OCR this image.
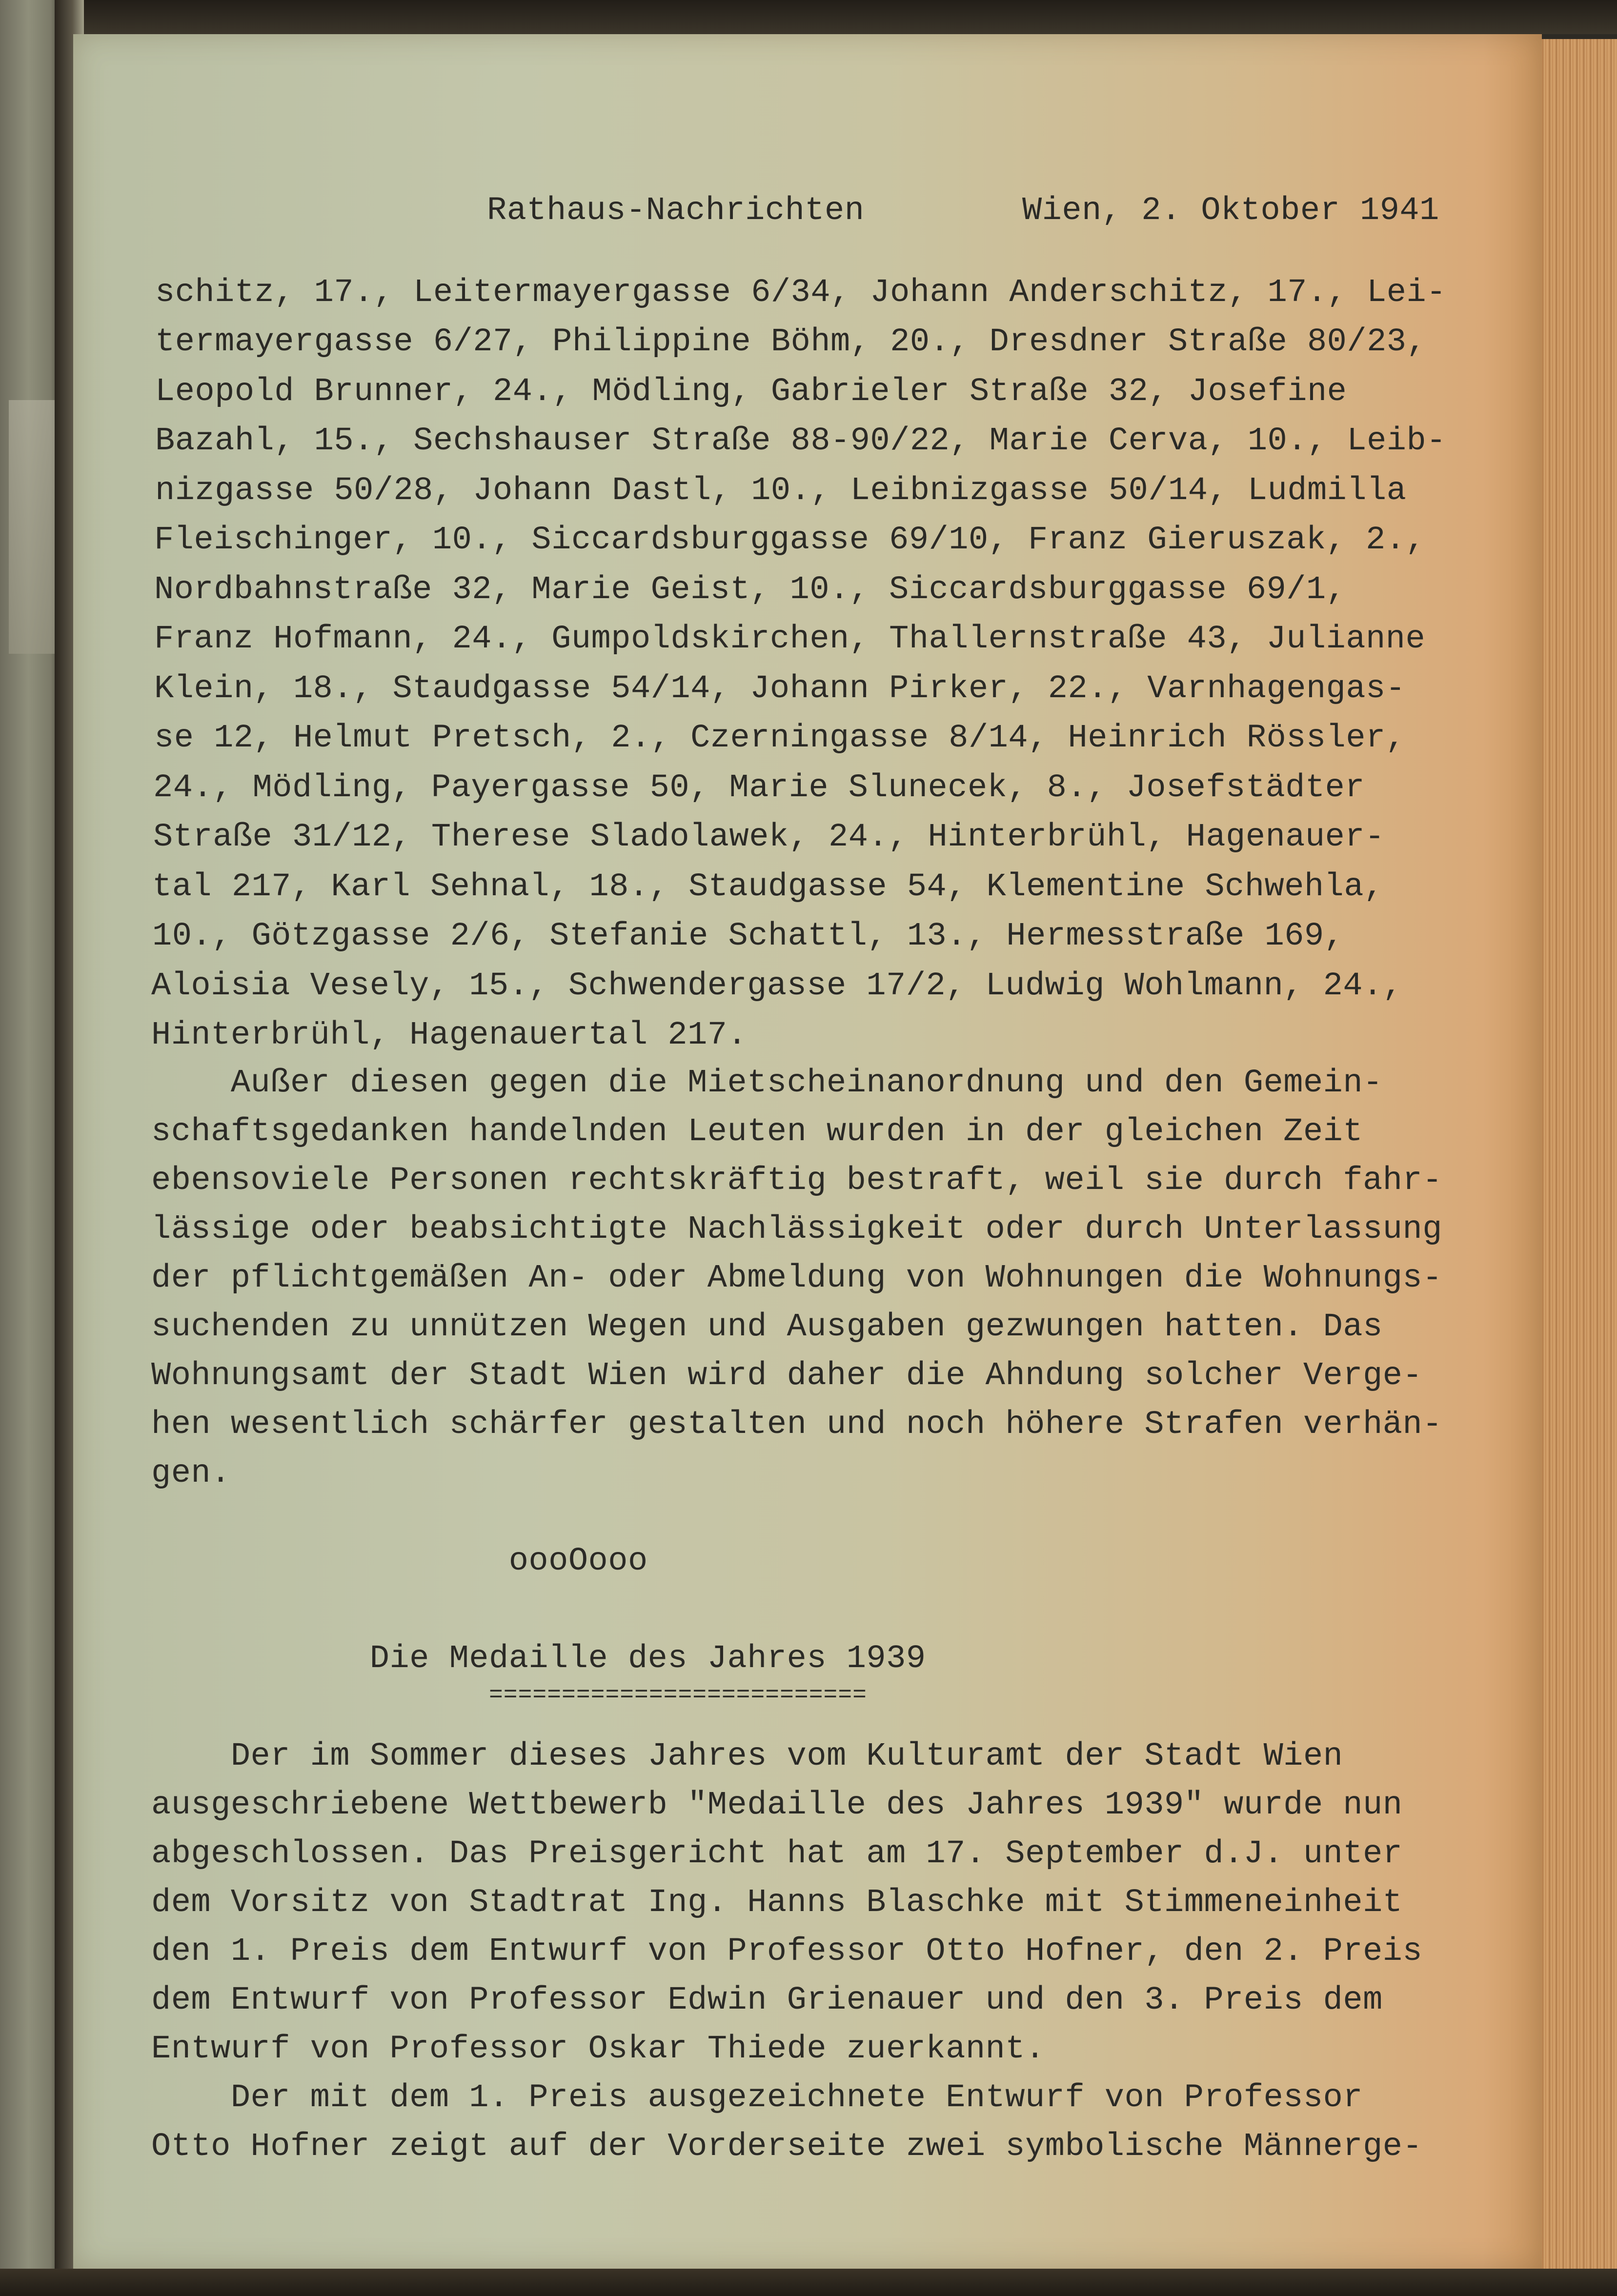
Rathaus-Nachrichten	Wien, 2. Oktober 1941
schitz, 17., Leitermayergasse 6/34, Johann Anderschitz, 17., Lei-
termayergasse 6/27, Philippine Böhm, 20., Dresdner Straße 80/23,
Leopold Brunner, 24., Mödling, Gabrieler Straße 32, Josefine
Bazahl, 15., Sechshauser Straße 88-90/22, Marie Cerva, 10., Leib-
nizgasse 50/28, Johann Dastl, 10., Leibnizgasse 50/14, Ludmilla
Fleischinger, 10., Siccardsburggasse 69/10, Franz Gieruszak, 2.,
Nordbahnstraße 32, Marie Geist, 10., Siccardsburggasse 69/1,
Franz Hofmann, 24., Gumpoldskirchen, Thallernstraße 43, Julianne
Klein, 18., Staudgasse 54/14, Johann Pirker, 22., Varnhagengas-
se 12, Helmut Pretsch, 2., Czerningasse 8/14, Heinrich Rössler,
24., Mödling, Payergasse 50, Marie Slunecek, 8., Josefstädter
Straße 31/12, Therese Sladolawek, 24., Hinterbrühl, Hagenauer-
tal 217, Karl Sehnal, 18., Staudgasse 54, Klementine Schwehla,
10., Götzgasse 2/6, Stefanie Schattl, 13., Hermesstraße 169,
Aloisia Vesely, 15., Schwendergasse 17/2, Ludwig Wohlmann, 24.,
Hinterbrühl, Hagenauertal 217.
Außer diesen gegen die Mietscheinanordnung und den Gemein-
schaftsgedanken handelnden Leuten wurden in der gleichen Zeit
ebensoviele Personen rechtskräftig bestraft, weil sie durch fahr-
lässige oder beabsichtigte Nachlässigkeit oder durch Unterlassung
der pflichtgemäßen An- oder Abmeldung von Wohnungen die Wohnungs-
suchenden zu unnützen Wegen und Ausgaben gezwungen hatten. Das
Wohnungsamt der Stadt Wien wird daher die Ahndung solcher Verge-
hen wesentlich schärfer gestalten und noch höhere Strafen verhän-
gen.
oooOooo
Die Medaille des Jahres 1939
==========================
Der im Sommer dieses Jahres vom Kulturamt der Stadt Wien
ausgeschriebene Wettbewerb "Medaille des Jahres 1939" wurde nun
abgeschlossen. Das Preisgericht hat am 17. September d.J. unter
dem Vorsitz von Stadtrat Ing. Hanns Blaschke mit Stimmeneinheit
den 1. Preis dem Entwurf von Professor Otto Hofner, den 2. Preis
dem Entwurf von Professor Edwin Grienauer und den 3. Preis dem
Entwurf von Professor Oskar Thiede zuerkannt.
Der mit dem 1. Preis ausgezeichnete Entwurf von Professor
Otto Hofner zeigt auf der Vorderseite zwei symbolische Männerge-
